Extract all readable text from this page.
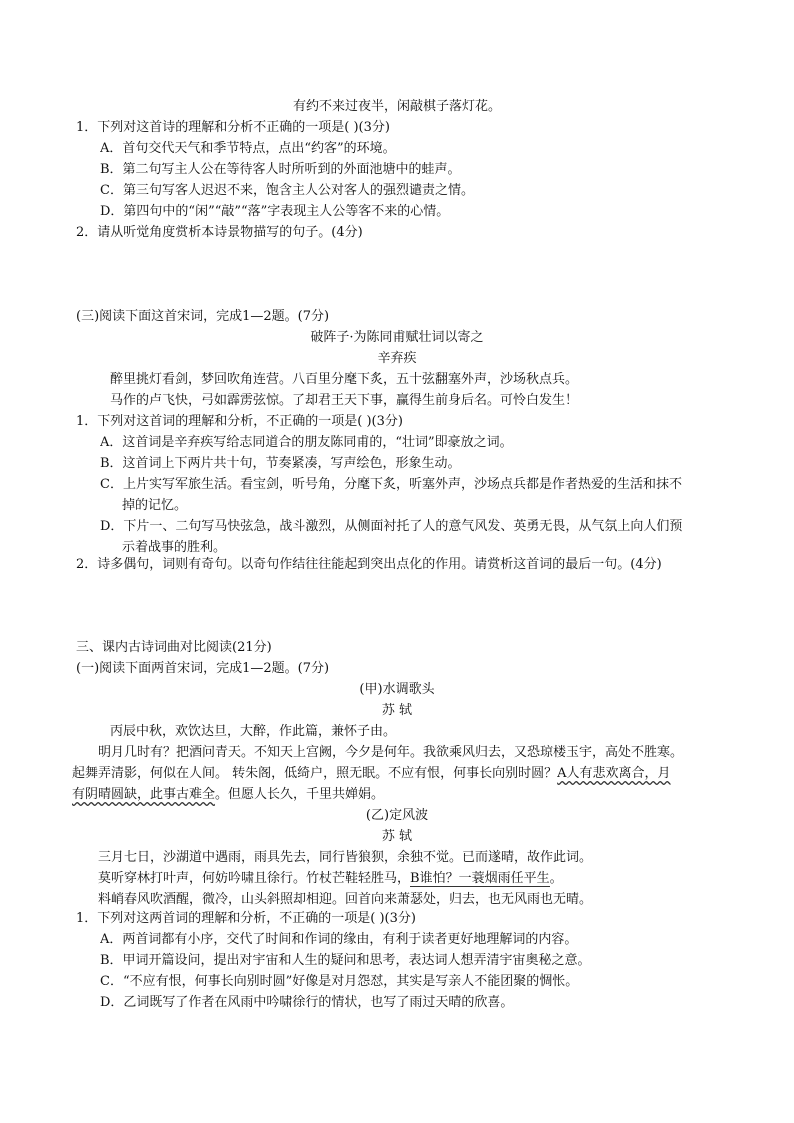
有约不来过夜半，闲敲棋子落灯花。
1．下列对这首诗的理解和分析不正确的一项是( )(3分)
A．首句交代天气和季节特点，点出“约客”的环境。
B．第二句写主人公在等待客人时所听到的外面池塘中的蛙声。
C．第三句写客人迟迟不来，饱含主人公对客人的强烈谴责之情。
D．第四句中的“闲”“敲”“落”字表现主人公等客不来的心情。
2．请从听觉角度赏析本诗景物描写的句子。(4分)
(三)阅读下面这首宋词，完成1—2题。(7分)
破阵子·为陈同甫赋壮词以寄之
辛弃疾
醉里挑灯看剑，梦回吹角连营。八百里分麾下炙，五十弦翻塞外声，沙场秋点兵。
马作的卢飞快，弓如霹雳弦惊。了却君王天下事，赢得生前身后名。可怜白发生！
1．下列对这首词的理解和分析，不正确的一项是( )(3分)
A．这首词是辛弃疾写给志同道合的朋友陈同甫的，“壮词”即豪放之词。
B．这首词上下两片共十句，节奏紧凑，写声绘色，形象生动。
C．上片实写军旅生活。看宝剑，听号角，分麾下炙，听塞外声，沙场点兵都是作者热爱的生活和抹不
掉的记忆。
D．下片一、二句写马快弦急，战斗激烈，从侧面衬托了人的意气风发、英勇无畏，从气氛上向人们预
示着战事的胜利。
2．诗多偶句，词则有奇句。以奇句作结往往能起到突出点化的作用。请赏析这首词的最后一句。(4分)
三、课内古诗词曲对比阅读(21分)
(一)阅读下面两首宋词，完成1—2题。(7分)
(甲)水调歌头
苏 轼
丙辰中秋，欢饮达旦，大醉，作此篇，兼怀子由。
明月几时有？把酒问青天。不知天上宫阙，今夕是何年。我欲乘风归去，又恐琼楼玉宇，高处不胜寒。
起舞弄清影，何似在人间。 转朱阁，低绮户，照无眠。不应有恨，何事长向别时圆？A人有悲欢离合，月
有阴晴圆缺，此事古难全。但愿人长久，千里共婵娟。
(乙)定风波
苏 轼
三月七日，沙湖道中遇雨，雨具先去，同行皆狼狈，余独不觉。已而遂晴，故作此词。
莫听穿林打叶声，何妨吟啸且徐行。竹杖芒鞋轻胜马，B谁怕？一蓑烟雨任平生。
料峭春风吹酒醒，微冷，山头斜照却相迎。回首向来萧瑟处，归去，也无风雨也无晴。
1．下列对这两首词的理解和分析，不正确的一项是( )(3分)
A．两首词都有小序，交代了时间和作词的缘由，有利于读者更好地理解词的内容。
B．甲词开篇设问，提出对宇宙和人生的疑问和思考，表达词人想弄清宇宙奥秘之意。
C．“不应有恨，何事长向别时圆”好像是对月怨怼，其实是写亲人不能团聚的惆怅。
D．乙词既写了作者在风雨中吟啸徐行的情状，也写了雨过天晴的欣喜。
